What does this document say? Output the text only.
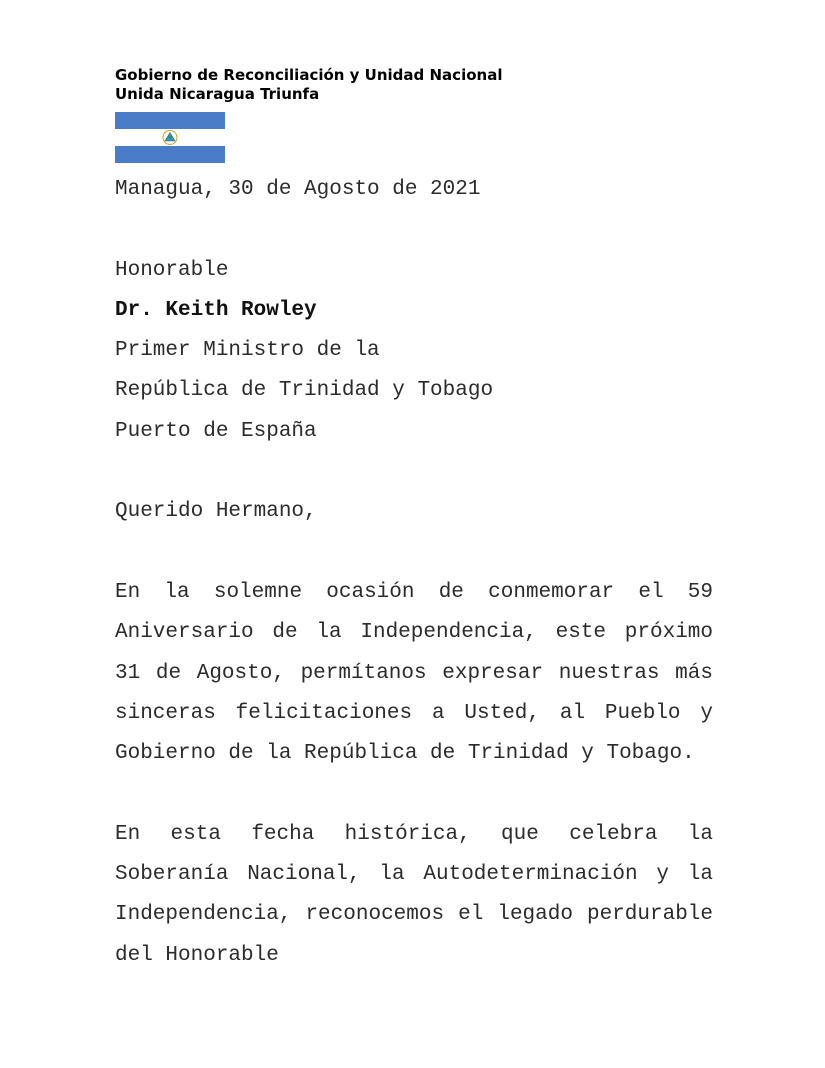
Gobierno de Reconciliación y Unidad Nacional
Unida Nicaragua Triunfa

Managua, 30 de Agosto de 2021

Honorable

Dr. Keith Rowley

Primer Ministro de la

República de Trinidad y Tobago

Puerto de España

Querido Hermano,

En la solemne ocasión de conmemorar el 59 Aniversario de la Independencia, este próximo 31 de Agosto, permítanos expresar nuestras más sinceras felicitaciones a Usted, al Pueblo y Gobierno de la República de Trinidad y Tobago.

En esta fecha histórica, que celebra la Soberanía Nacional, la Autodeterminación y la Independencia, reconocemos el legado perdurable del Honorable
